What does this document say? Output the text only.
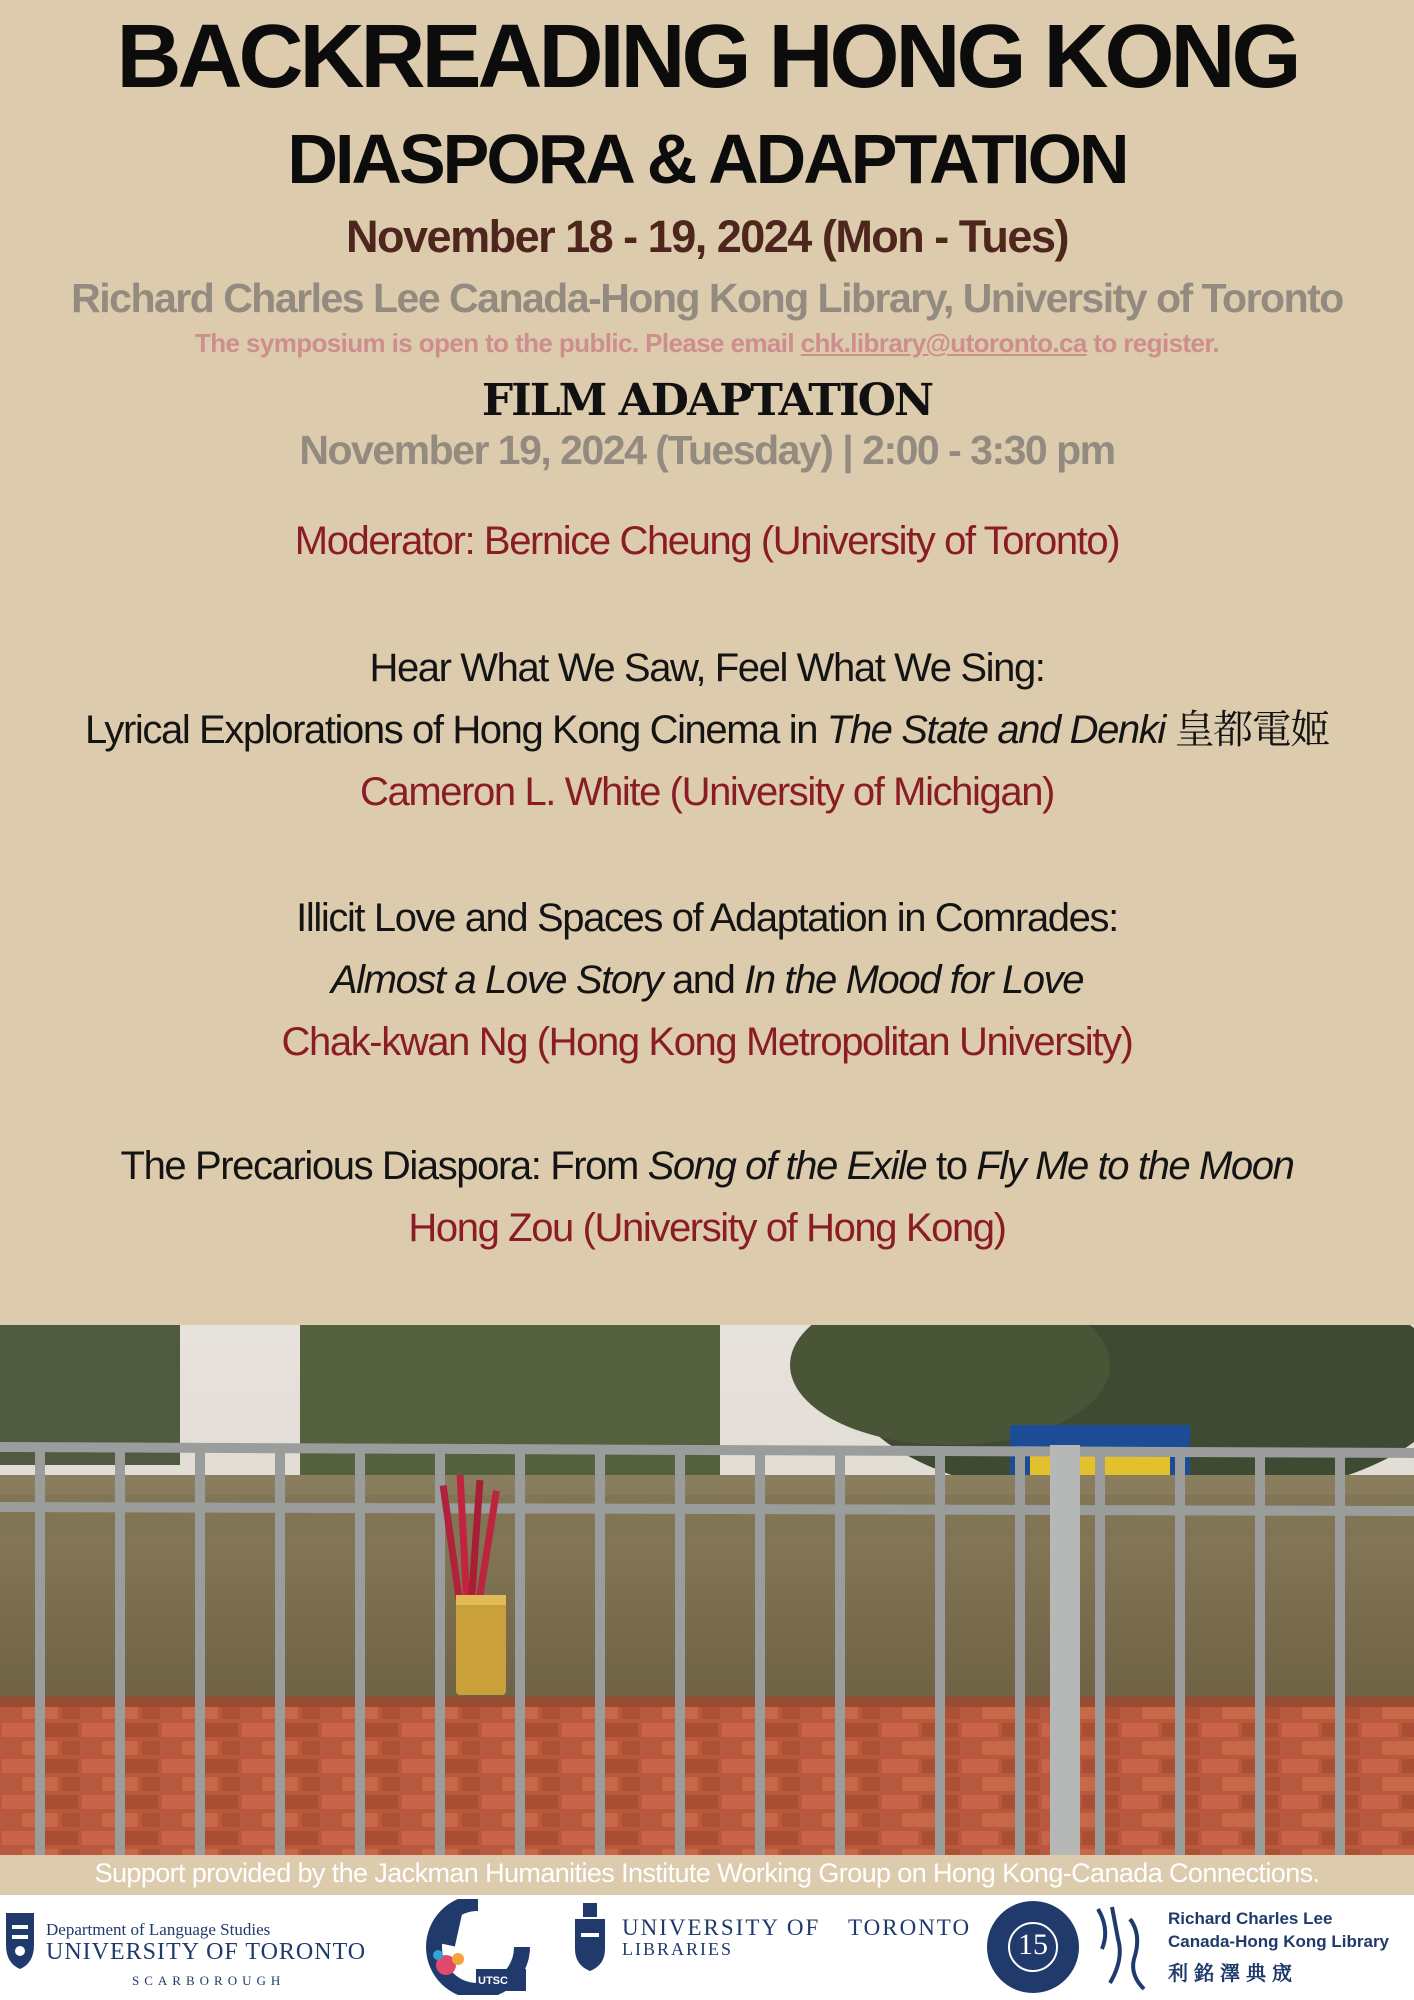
BACKREADING HONG KONG
DIASPORA & ADAPTATION
November 18 - 19, 2024 (Mon - Tues)
Richard Charles Lee Canada-Hong Kong Library, University of Toronto
The symposium is open to the public. Please email chk.library@utoronto.ca to register.
FILM ADAPTATION
November 19, 2024 (Tuesday) | 2:00 - 3:30 pm
Moderator: Bernice Cheung (University of Toronto)
Hear What We Saw, Feel What We Sing:
Lyrical Explorations of Hong Kong Cinema in The State and Denki 皇都電姬
Cameron L. White (University of Michigan)
Illicit Love and Spaces of Adaptation in Comrades:
Almost a Love Story and In the Mood for Love
Chak-kwan Ng (Hong Kong Metropolitan University)
The Precarious Diaspora: From Song of the Exile to Fly Me to the Moon
Hong Zou (University of Hong Kong)
Support provided by the Jackman Humanities Institute Working Group on Hong Kong-Canada Connections.
Department of Language Studies
UNIVERSITY OF TORONTO
SCARBOROUGH	UTSC
UNIVERSITY OF TORONTO
LIBRARIES	15
Richard Charles Lee
Canada-Hong Kong Library
利銘澤典宬
